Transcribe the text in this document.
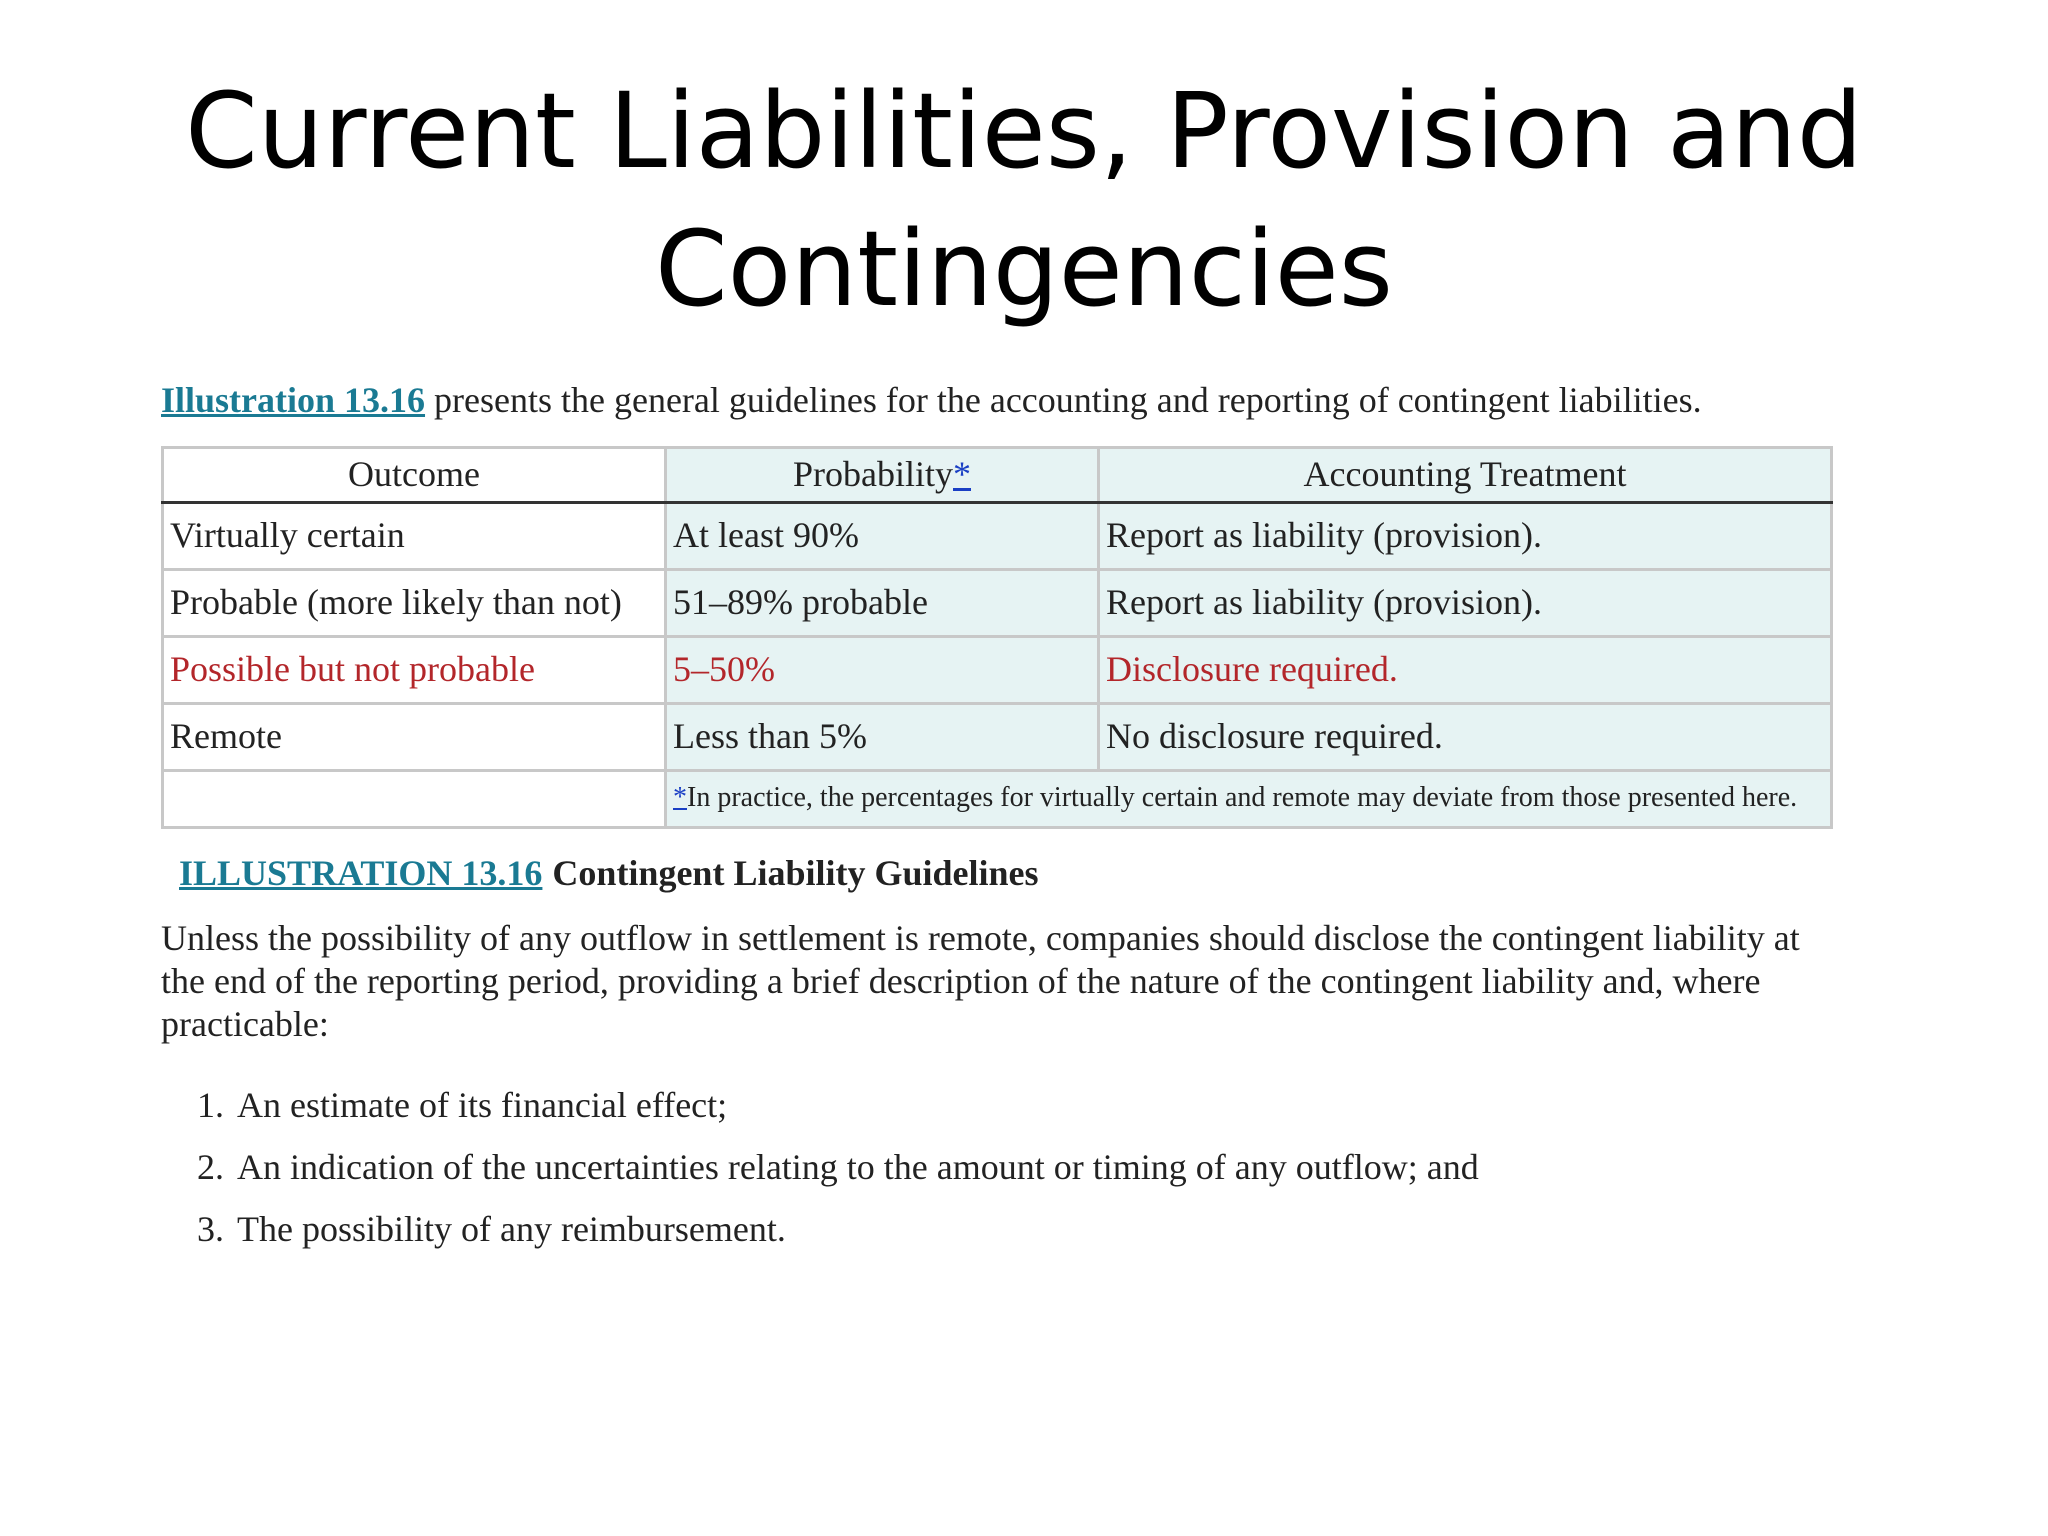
Current Liabilities, Provision and
Contingencies

Illustration 13.16 presents the general guidelines for the accounting and reporting of contingent liabilities.

Outcome	Probability*	Accounting Treatment
Virtually certain	At least 90%	Report as liability (provision).
Probable (more likely than not)	51–89% probable	Report as liability (provision).
Possible but not probable	5–50%	Disclosure required.
Remote	Less than 5%	No disclosure required.
	*In practice, the percentages for virtually certain and remote may deviate from those presented here.	
ILLUSTRATION 13.16 Contingent Liability Guidelines
Unless the possibility of any outflow in settlement is remote, companies should disclose the contingent liability at the end of the reporting period, providing a brief description of the nature of the contingent liability and, where practicable:
1. An estimate of its financial effect;
2. An indication of the uncertainties relating to the amount or timing of any outflow; and
3. The possibility of any reimbursement.
